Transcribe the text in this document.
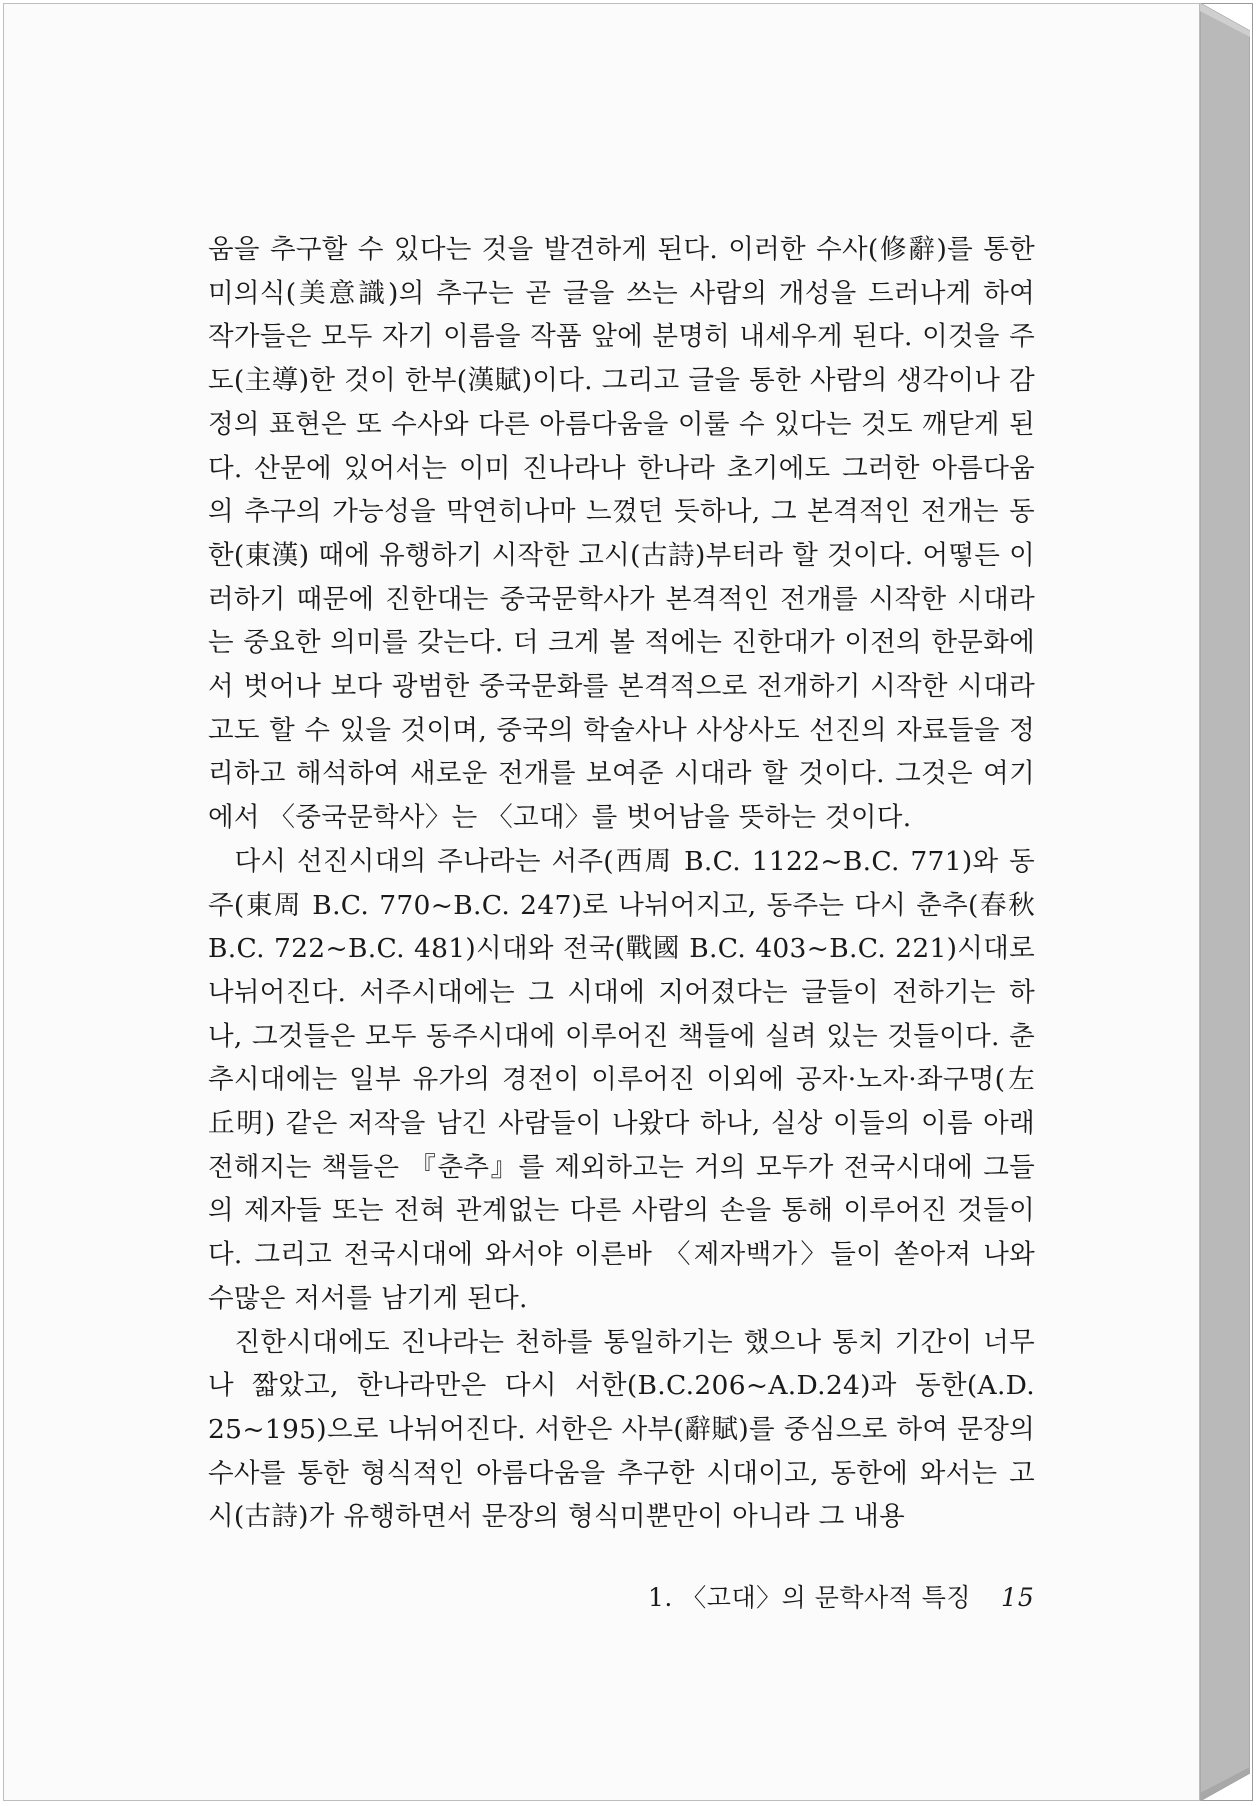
움을 추구할 수 있다는 것을 발견하게 된다. 이러한 수사(修辭)를 통한 미의식(美意識)의 추구는 곧 글을 쓰는 사람의 개성을 드러나게 하여 작가들은 모두 자기 이름을 작품 앞에 분명히 내세우게 된다. 이것을 주도(主導)한 것이 한부(漢賦)이다. 그리고 글을 통한 사람의 생각이나 감정의 표현은 또 수사와 다른 아름다움을 이룰 수 있다는 것도 깨닫게 된다. 산문에 있어서는 이미 진나라나 한나라 초기에도 그러한 아름다움의 추구의 가능성을 막연히나마 느꼈던 듯하나, 그 본격적인 전개는 동한(東漢) 때에 유행하기 시작한 고시(古詩)부터라 할 것이다. 어떻든 이러하기 때문에 진한대는 중국문학사가 본격적인 전개를 시작한 시대라는 중요한 의미를 갖는다. 더 크게 볼 적에는 진한대가 이전의 한문화에서 벗어나 보다 광범한 중국문화를 본격적으로 전개하기 시작한 시대라고도 할 수 있을 것이며, 중국의 학술사나 사상사도 선진의 자료들을 정리하고 해석하여 새로운 전개를 보여준 시대라 할 것이다. 그것은 여기에서 〈중국문학사〉는 〈고대〉를 벗어남을 뜻하는 것이다.

다시 선진시대의 주나라는 서주(西周 B.C. 1122~B.C. 771)와 동주(東周 B.C. 770~B.C. 247)로 나뉘어지고, 동주는 다시 춘추(春秋 B.C. 722~B.C. 481)시대와 전국(戰國 B.C. 403~B.C. 221)시대로 나뉘어진다. 서주시대에는 그 시대에 지어졌다는 글들이 전하기는 하나, 그것들은 모두 동주시대에 이루어진 책들에 실려 있는 것들이다. 춘추시대에는 일부 유가의 경전이 이루어진 이외에 공자·노자·좌구명(左丘明) 같은 저작을 남긴 사람들이 나왔다 하나, 실상 이들의 이름 아래 전해지는 책들은 『춘추』를 제외하고는 거의 모두가 전국시대에 그들의 제자들 또는 전혀 관계없는 다른 사람의 손을 통해 이루어진 것들이다. 그리고 전국시대에 와서야 이른바 〈제자백가〉들이 쏟아져 나와 수많은 저서를 남기게 된다.

진한시대에도 진나라는 천하를 통일하기는 했으나 통치 기간이 너무나 짧았고, 한나라만은 다시 서한(B.C.206~A.D.24)과 동한(A.D. 25~195)으로 나뉘어진다. 서한은 사부(辭賦)를 중심으로 하여 문장의 수사를 통한 형식적인 아름다움을 추구한 시대이고, 동한에 와서는 고시(古詩)가 유행하면서 문장의 형식미뿐만이 아니라 그 내용

1. 〈고대〉의 문학사적 특징 15
